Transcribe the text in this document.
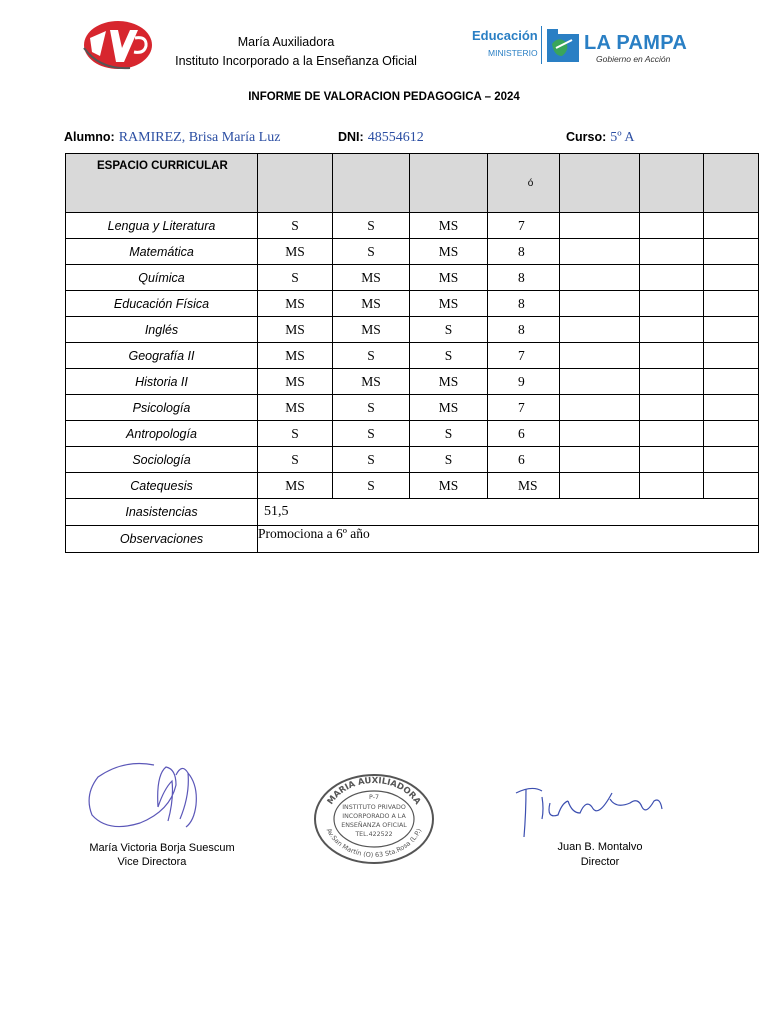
María Auxiliadora
Instituto Incorporado a la Enseñanza Oficial
Educación
MINISTERIO LA PAMPA
Gobierno en Acción
INFORME DE VALORACION PEDAGOGICA – 2024
Alumno: RAMIREZ, Brisa María Luz	DNI: 48554612	Curso: 5º A
ESPACIO CURRICULAR				ó			
Lengua y Literatura	S	S	MS	7			
Matemática	MS	S	MS	8			
Química	S	MS	MS	8			
Educación Física	MS	MS	MS	8			
Inglés	MS	MS	S	8			
Geografía II	MS	S	S	7			
Historia II	MS	MS	MS	9			
Psicología	MS	S	MS	7			
Antropología	S	S	S	6			
Sociología	S	S	S	6			
Catequesis	MS	S	MS	MS			
Inasistencias	51,5						
Observaciones	Promociona a 6º año						
María Victoria Borja Suescum
Vice Directora
MARIA AUXILIADORA
Av.San Martín (O) 63 Sta.Rosa (L.P.)
P-7
INSTITUTO PRIVADO
INCORPORADO A LA
ENSEÑANZA OFICIAL
TEL.422522
Juan B. Montalvo
Director
